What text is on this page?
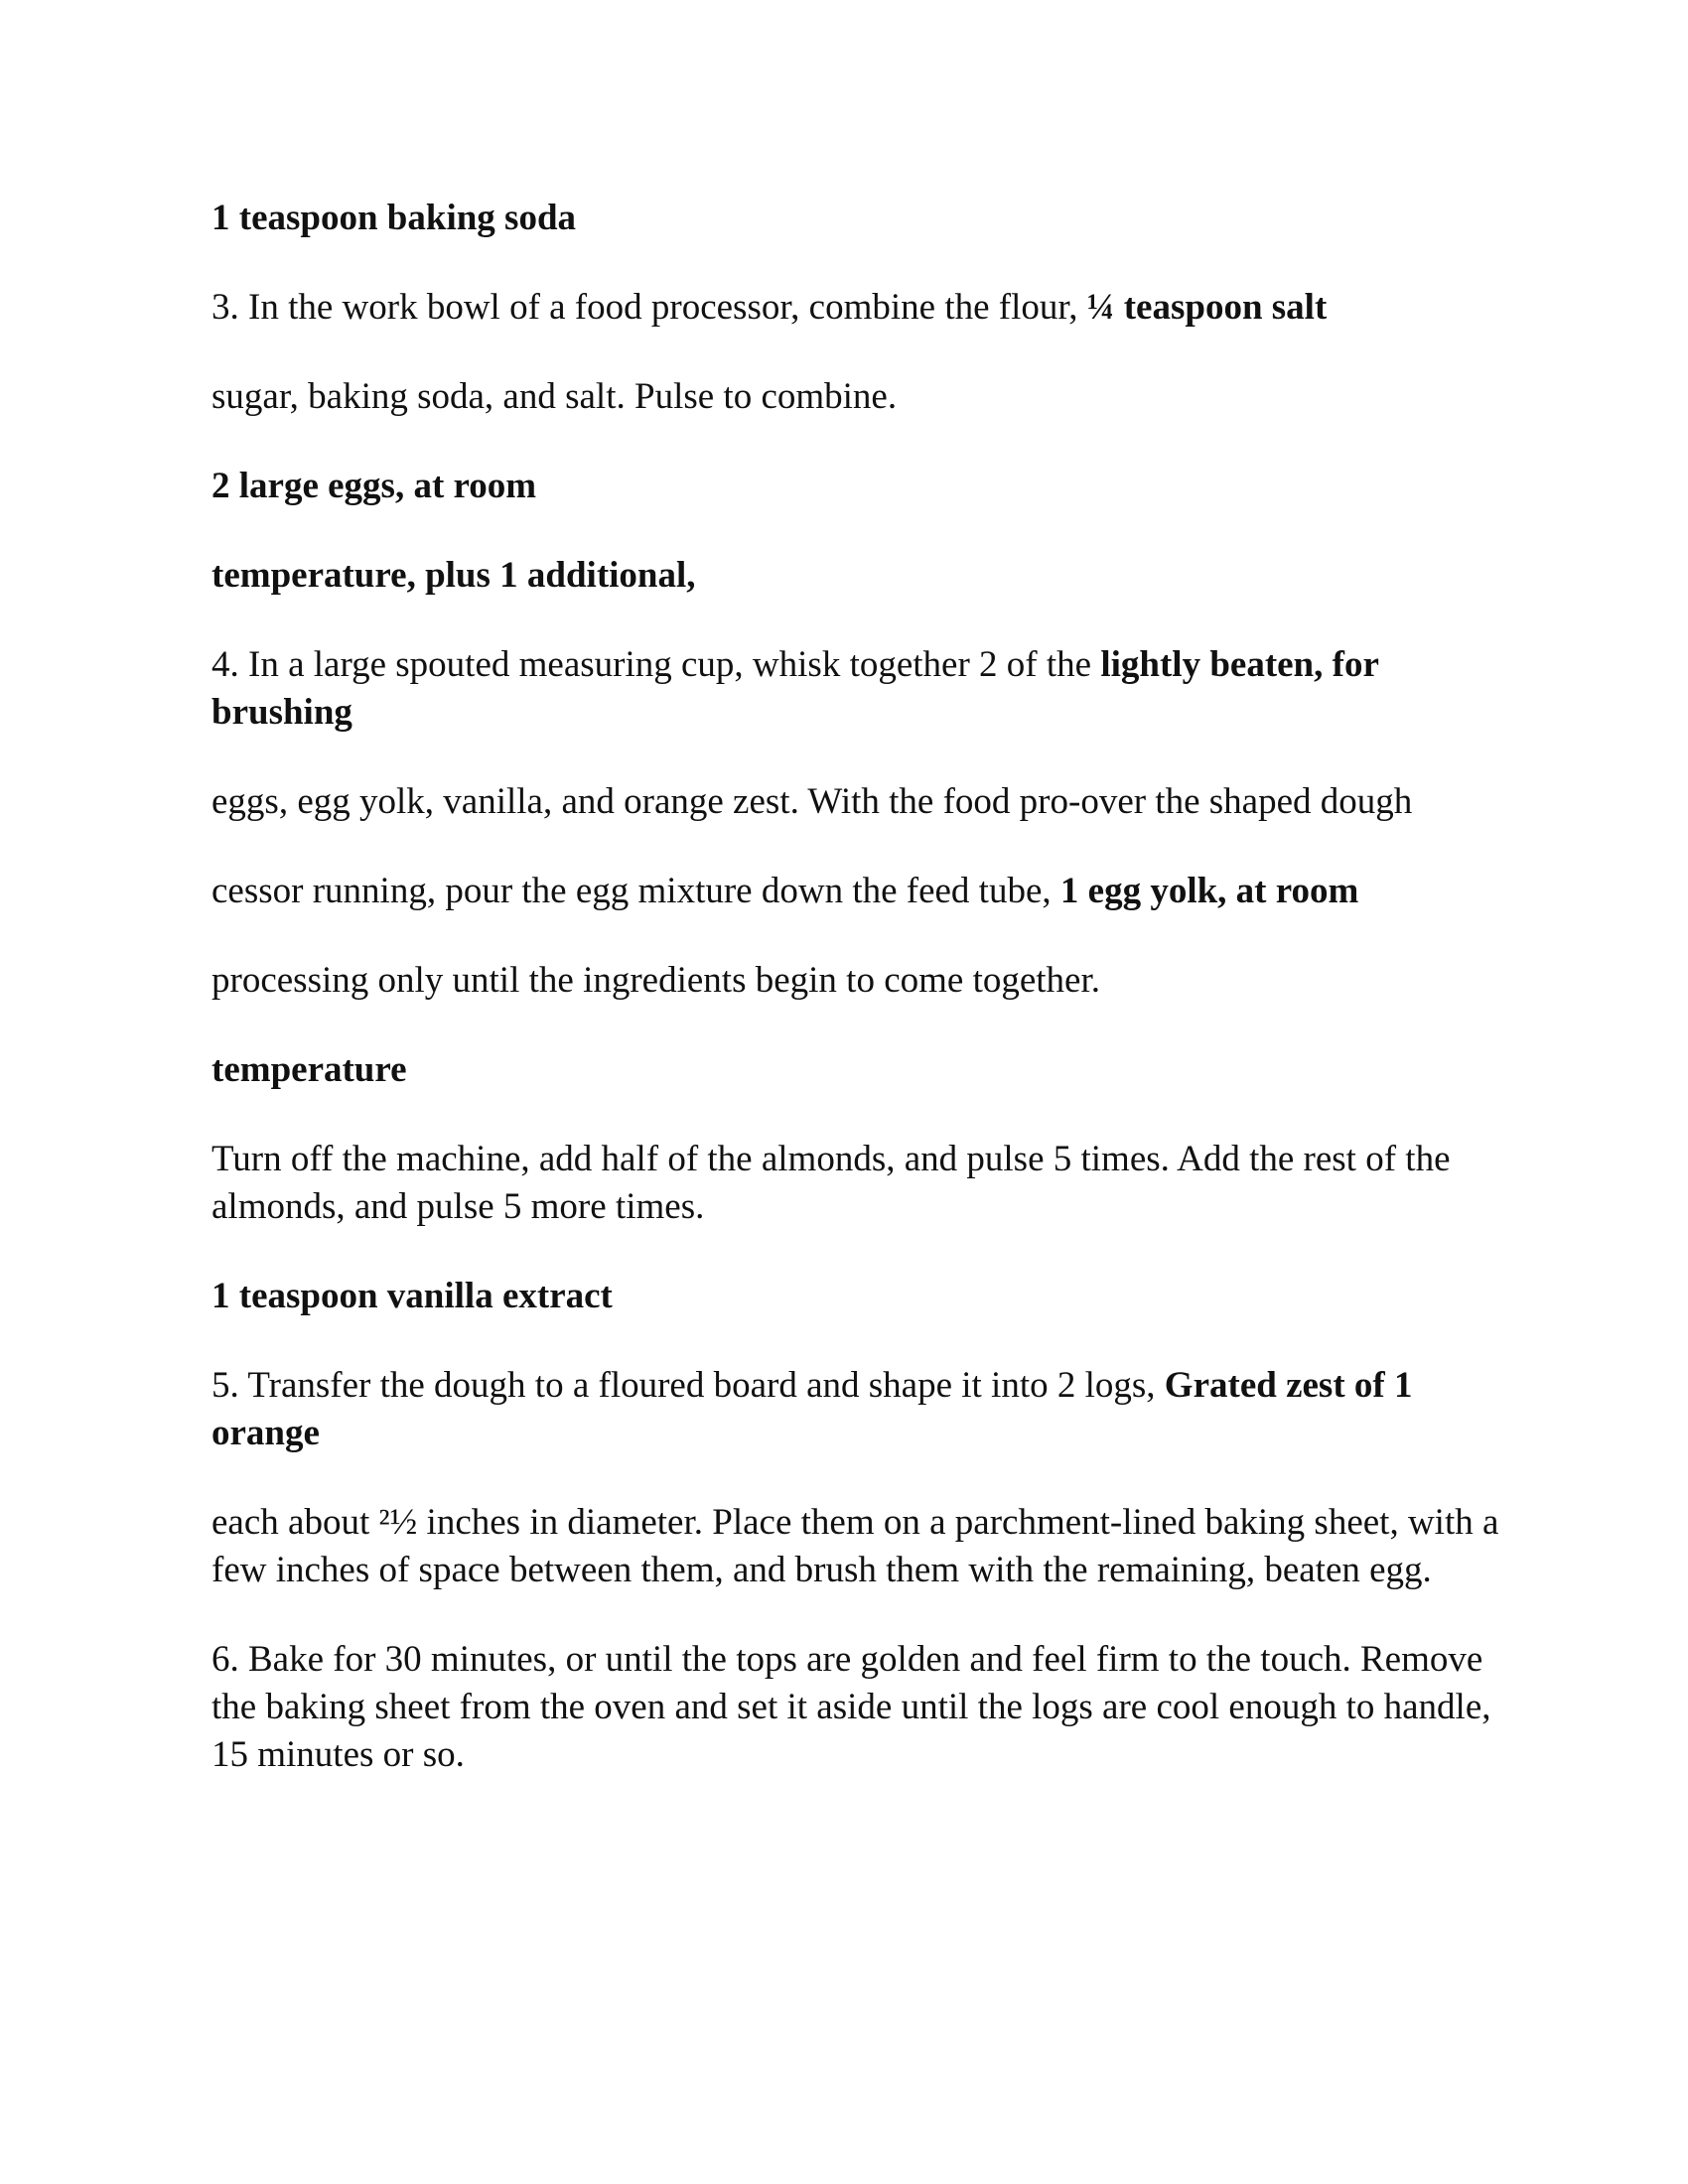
1 teaspoon baking soda

3. In the work bowl of a food processor, combine the flour, ¼ teaspoon salt

sugar, baking soda, and salt. Pulse to combine.

2 large eggs, at room

temperature, plus 1 additional,

4. In a large spouted measuring cup, whisk together 2 of the lightly beaten, for brushing

eggs, egg yolk, vanilla, and orange zest. With the food pro-over the shaped dough

cessor running, pour the egg mixture down the feed tube, 1 egg yolk, at room

processing only until the ingredients begin to come together.

temperature

Turn off the machine, add half of the almonds, and pulse 5 times. Add the rest of the almonds, and pulse 5 more times.

1 teaspoon vanilla extract

5. Transfer the dough to a floured board and shape it into 2 logs, Grated zest of 1 orange

each about ²½ inches in diameter. Place them on a parchment-lined baking sheet, with a few inches of space between them, and brush them with the remaining, beaten egg.

6. Bake for 30 minutes, or until the tops are golden and feel firm to the touch. Remove the baking sheet from the oven and set it aside until the logs are cool enough to handle, 15 minutes or so.
